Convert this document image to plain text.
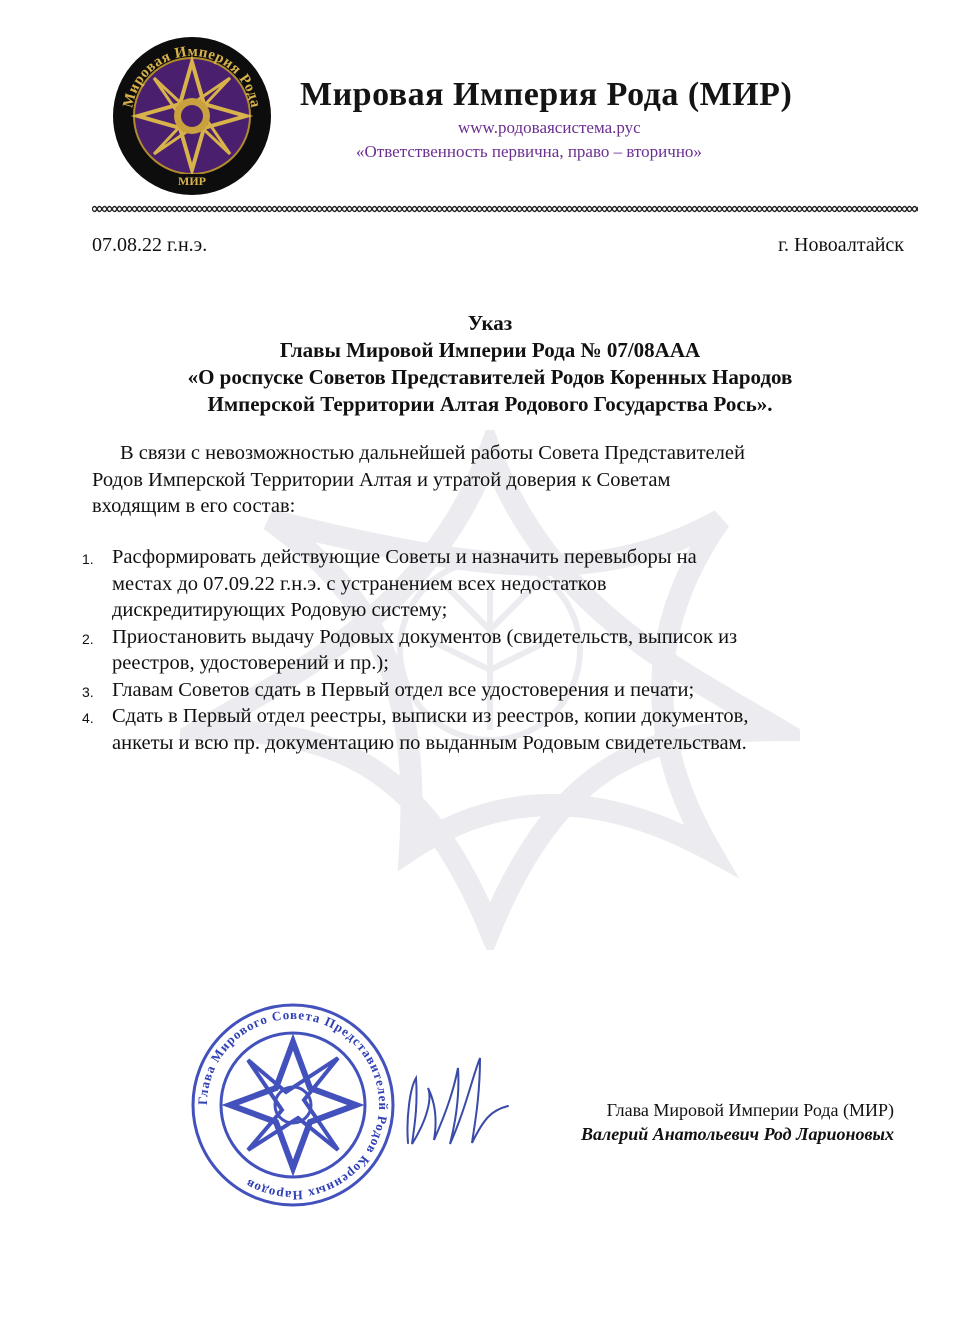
Мировая Империя Рода
МИР
Мировая Империя Рода (МИР)
www.родоваясистема.рус
«Ответственность первична, право – вторично»
07.08.22 г.н.э.	г. Новоалтайск
Указ
Главы Мировой Империи Рода № 07/08ААА
«О роспуске Советов Представителей Родов Коренных Народов
Имперской Территории Алтая Родового Государства Рось».
В связи с невозможностью дальнейшей работы Совета Представителей
Родов Имперской Территории Алтая и утратой доверия к Советам
входящим в его состав:
1. Расформировать действующие Советы и назначить перевыборы на
местах до 07.09.22 г.н.э. с устранением всех недостатков
дискредитирующих Родовую систему;
2. Приостановить выдачу Родовых документов (свидетельств, выписок из
реестров, удостоверений и пр.);
3. Главам Советов сдать в Первый отдел все удостоверения и печати;
4. Сдать в Первый отдел реестры, выписки из реестров, копии документов,
анкеты и всю пр. документацию по выданным Родовым свидетельствам.
Глава Мирового Совета Представителей Родов Коренных Народов
Глава Мировой Империи Рода (МИР)
Валерий Анатольевич Род Ларионовых
